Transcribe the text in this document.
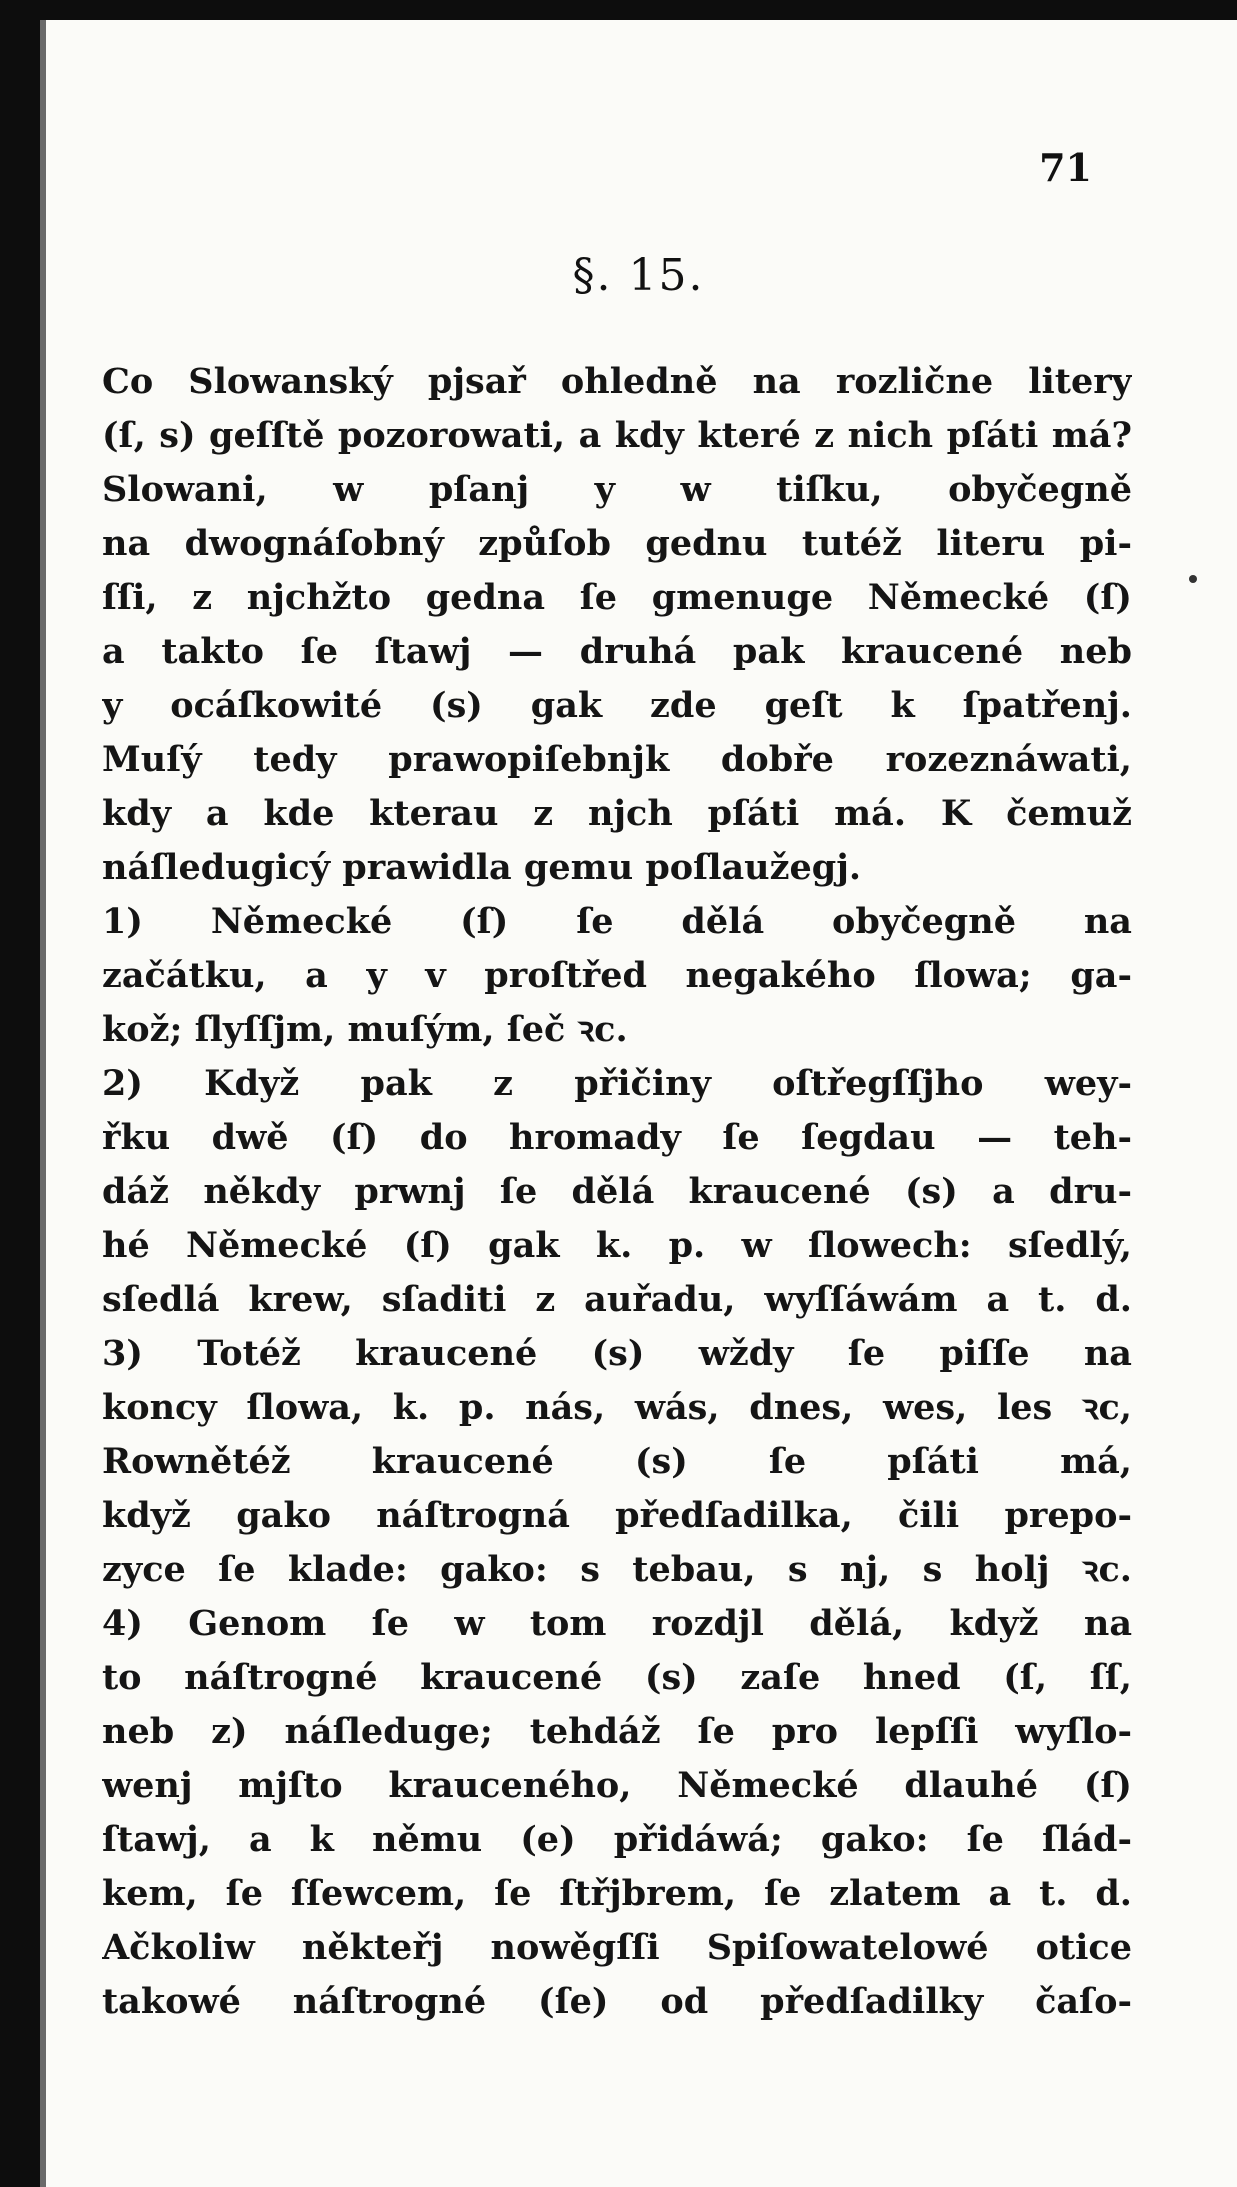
71
§. 15.
Co Slowanský pjsař ohledně na rozlične litery
(ſ, s) geſſtě pozorowati, a kdy které z nich pſáti má?
Slowani, w pſanj y w tiſku, obyčegně
na dwognáſobný způſob gednu tutéž literu pi-
ſſi, z njchžto gedna ſe gmenuge Německé (ſ)
a takto ſe ſtawj — druhá pak kraucené neb
y ocáſkowité (s) gak zde geſt k ſpatřenj.
Muſý tedy prawopiſebnjk dobře rozeznáwati,
kdy a kde kterau z njch pſáti má. K čemuž
náſledugicý prawidla gemu poſlaužegj.
1) Německé (ſ) ſe dělá obyčegně na
začátku, a y v proſtřed negakého ſlowa; ga-
kož; ſlyſſjm, muſým, ſeč ꝛc.
2) Když pak z přičiny oſtřegſſjho wey-
řku dwě (ſ) do hromady ſe ſegdau — teh-
dáž někdy prwnj ſe dělá kraucené (s) a dru-
hé Německé (ſ) gak k. p. w ſlowech: sſedlý,
sſedlá krew, sſaditi z auřadu, wyſſáwám a t. d.
3) Totéž kraucené (s) wždy ſe piſſe na
koncy ſlowa, k. p. nás, wás, dnes, wes, les ꝛc,
Rownětéž kraucené (s) ſe pſáti má,
když gako náſtrogná předſadilka, čili prepo-
zyce ſe klade: gako: s tebau, s nj, s holj ꝛc.
4) Genom ſe w tom rozdjl dělá, když na
to náſtrogné kraucené (s) zaſe hned (ſ, ſſ,
neb z) náſleduge; tehdáž ſe pro lepſſi wyſlo-
wenj mjſto krauceného, Německé dlauhé (ſ)
ſtawj, a k němu (e) přidáwá; gako: ſe ſlád-
kem, ſe ſſewcem, ſe ſtřjbrem, ſe zlatem a t. d.
Ačkoliw někteřj nowěgſſi Spiſowatelowé otice
takowé náſtrogné (ſe) od předſadilky čaſo-
